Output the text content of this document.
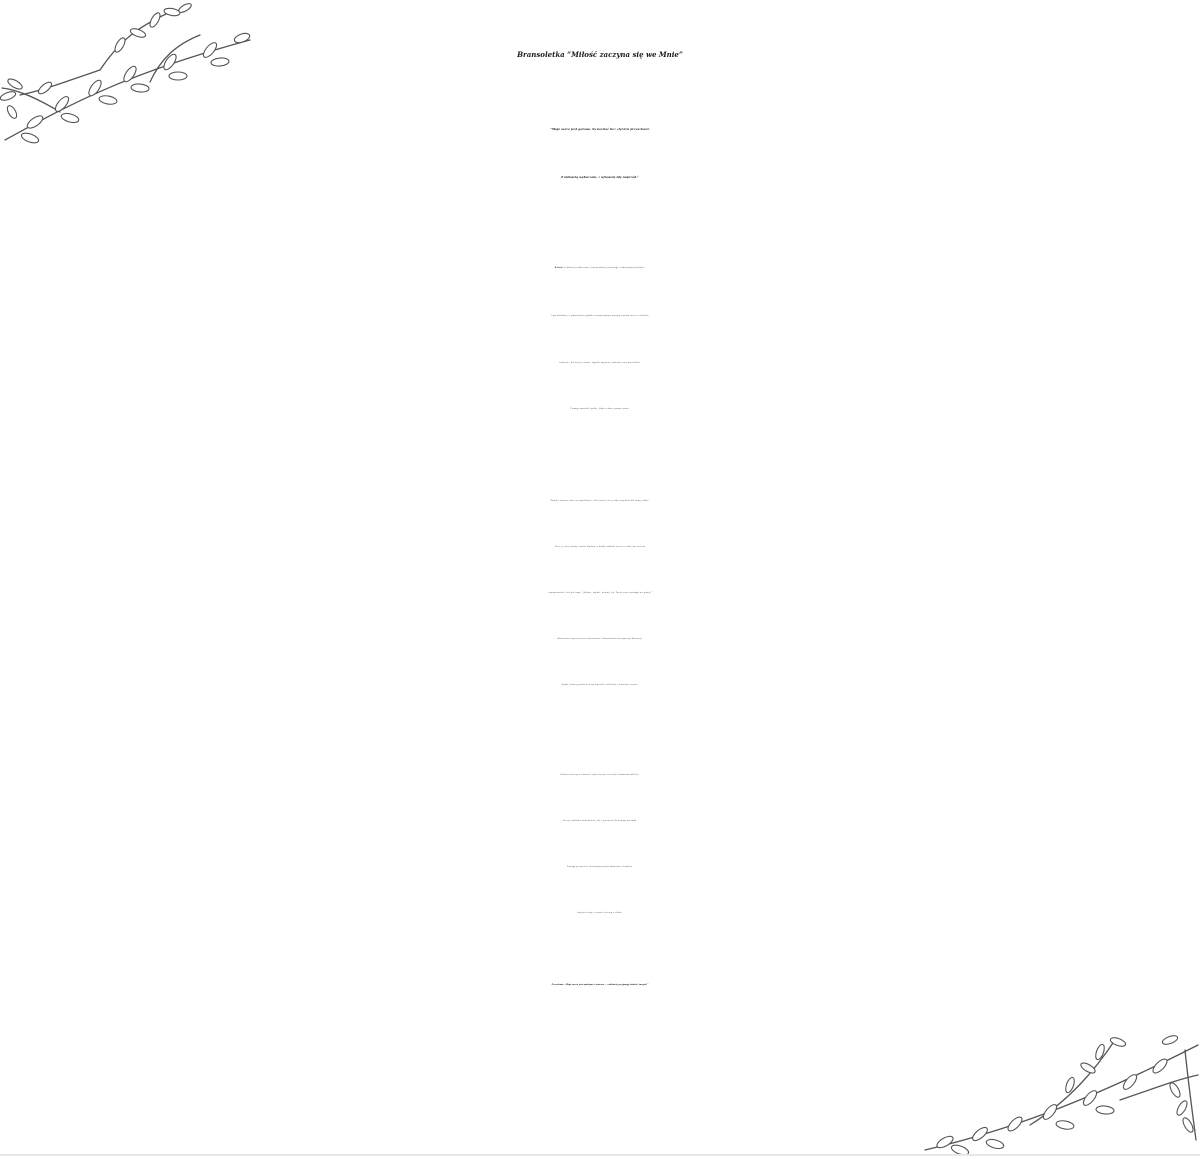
Bransoletka “Miłość zaczyna się we Mnie”
"Moje serce jest gotowe, by kochać bez ciężaru przeszłości.
Z miłością wybaczam, z ufnością idę naprzód.“
Rodonit to kamień przebaczenia, emocjonalnej równowagi i uzdrawiającej miłości.
Jego delikatna, a jednocześnie głęboko transformująca energia wspiera serce w chwilach
trudnych - koi ból po stracie, łagodzi napięcia, uzdrawia rany przeszłości.
Pomaga odnaleźć spokój, kiedy w duszy panuje chaos.
Rodonit otwiera serce na współczucie - dla innych, ale przede wszystkim dla samej siebie.
Uczy, że nie jesteśmy swoimi błędami, a każda trudność niesie w sobie dar wzrostu
i samopoznania. Jest jak szept: „Wybacz, odpuść, uwolnij się. Twoje serce zasługuje na spokój.”
Kamień ten wspiera proces wybaczania i odzyskiwania wewnętrznej harmonii,
dzięki czemu pozwala kroczyć naprzód z lekkością i otwartym sercem.
Rodonit noszony w biżuterii staje się więc nie tylko talizmanem miłości,
ale też symbolem uzdrowienia, siły i gotowości do nowego początku.
Pomaga przywrócić równowagę między dawaniem a braniem,
między troską o innych a troską o siebie.
Przesłanie: „Moje serce jest spokojne i otwarte – z miłością przyjmuję siebie i innych.”
